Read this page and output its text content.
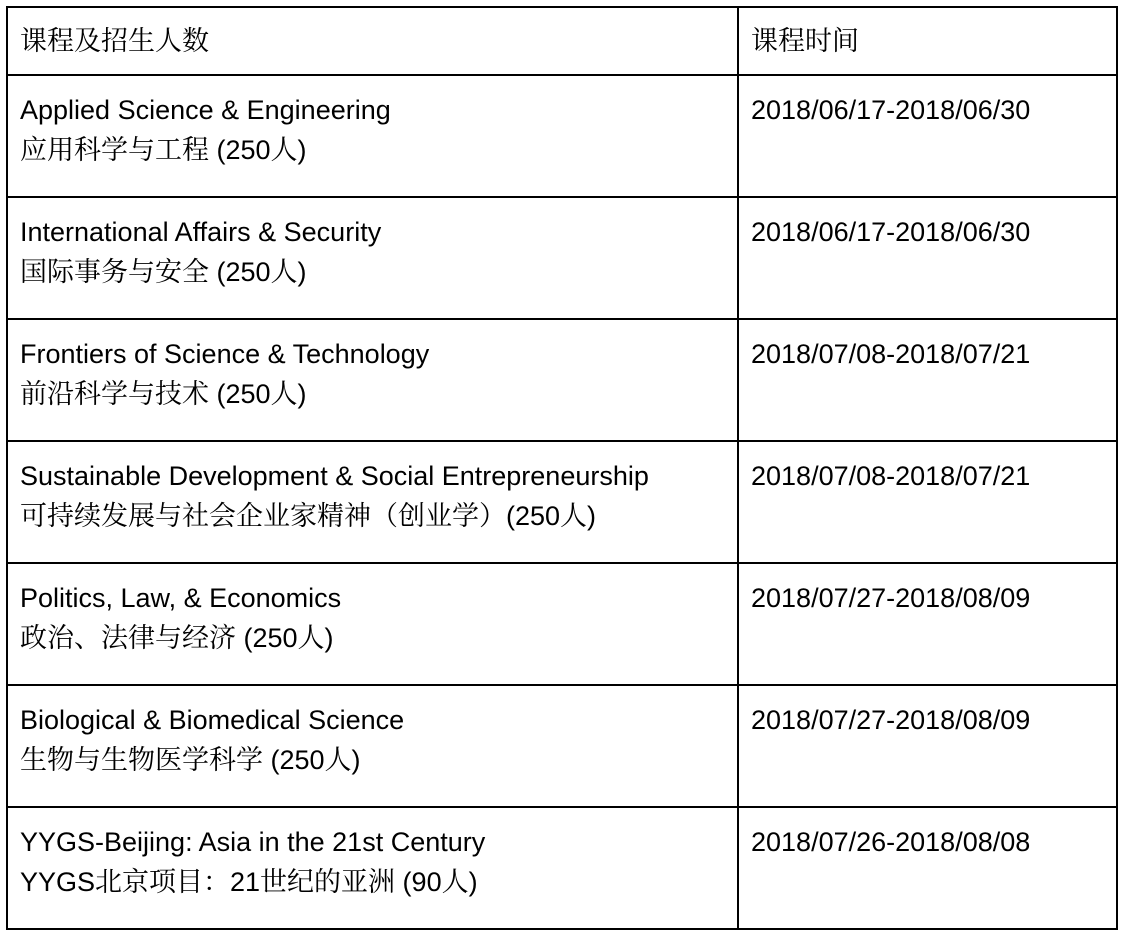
课程及招生人数	课程时间

Applied Science & Engineering
应用科学与工程 (250人)	2018/06/17-2018/06/30

International Affairs & Security
国际事务与安全 (250人)	2018/06/17-2018/06/30

Frontiers of Science & Technology
前沿科学与技术 (250人)	2018/07/08-2018/07/21

Sustainable Development & Social Entrepreneurship
可持续发展与社会企业家精神（创业学）(250人)	2018/07/08-2018/07/21

Politics, Law, & Economics
政治、法律与经济 (250人)	2018/07/27-2018/08/09

Biological & Biomedical Science
生物与生物医学科学 (250人)	2018/07/27-2018/08/09

YYGS-Beijing: Asia in the 21st Century
YYGS北京项目：21世纪的亚洲 (90人)	2018/07/26-2018/08/08
